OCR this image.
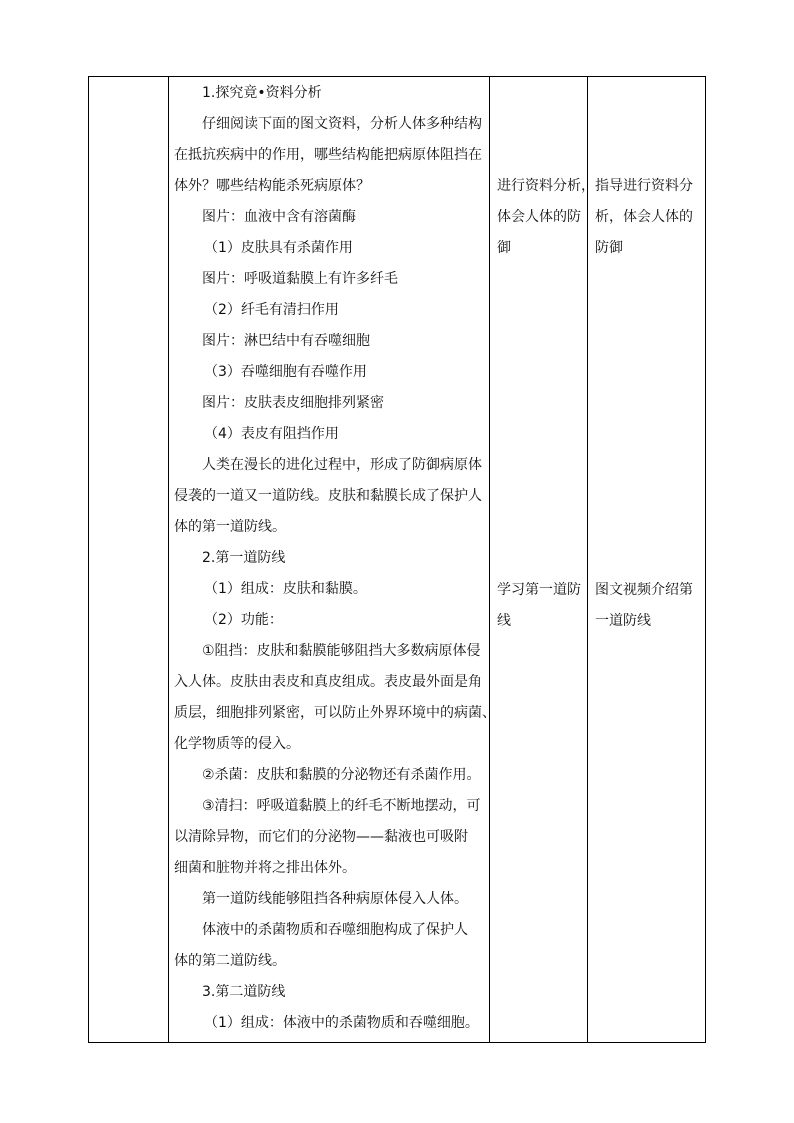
1.探究竟•资料分析
仔细阅读下面的图文资料，分析人体多种结构
在抵抗疾病中的作用，哪些结构能把病原体阻挡在
体外？哪些结构能杀死病原体？
图片：血液中含有溶菌酶
（1）皮肤具有杀菌作用
图片：呼吸道黏膜上有许多纤毛
（2）纤毛有清扫作用
图片：淋巴结中有吞噬细胞
（3）吞噬细胞有吞噬作用
图片：皮肤表皮细胞排列紧密
（4）表皮有阻挡作用
人类在漫长的进化过程中，形成了防御病原体
侵袭的一道又一道防线。皮肤和黏膜长成了保护人
体的第一道防线。
2.第一道防线
（1）组成：皮肤和黏膜。
（2）功能：
①阻挡：皮肤和黏膜能够阻挡大多数病原体侵
入人体。皮肤由表皮和真皮组成。表皮最外面是角
质层，细胞排列紧密，可以防止外界环境中的病菌、
化学物质等的侵入。
②杀菌：皮肤和黏膜的分泌物还有杀菌作用。
③清扫：呼吸道黏膜上的纤毛不断地摆动，可
以清除异物，而它们的分泌物——黏液也可吸附
细菌和脏物并将之排出体外。
第一道防线能够阻挡各种病原体侵入人体。
体液中的杀菌物质和吞噬细胞构成了保护人
体的第二道防线。
3.第二道防线
（1）组成：体液中的杀菌物质和吞噬细胞。
进行资料分析，
体会人体的防
御
学习第一道防
线
指导进行资料分
析，体会人体的
防御
图文视频介绍第
一道防线
